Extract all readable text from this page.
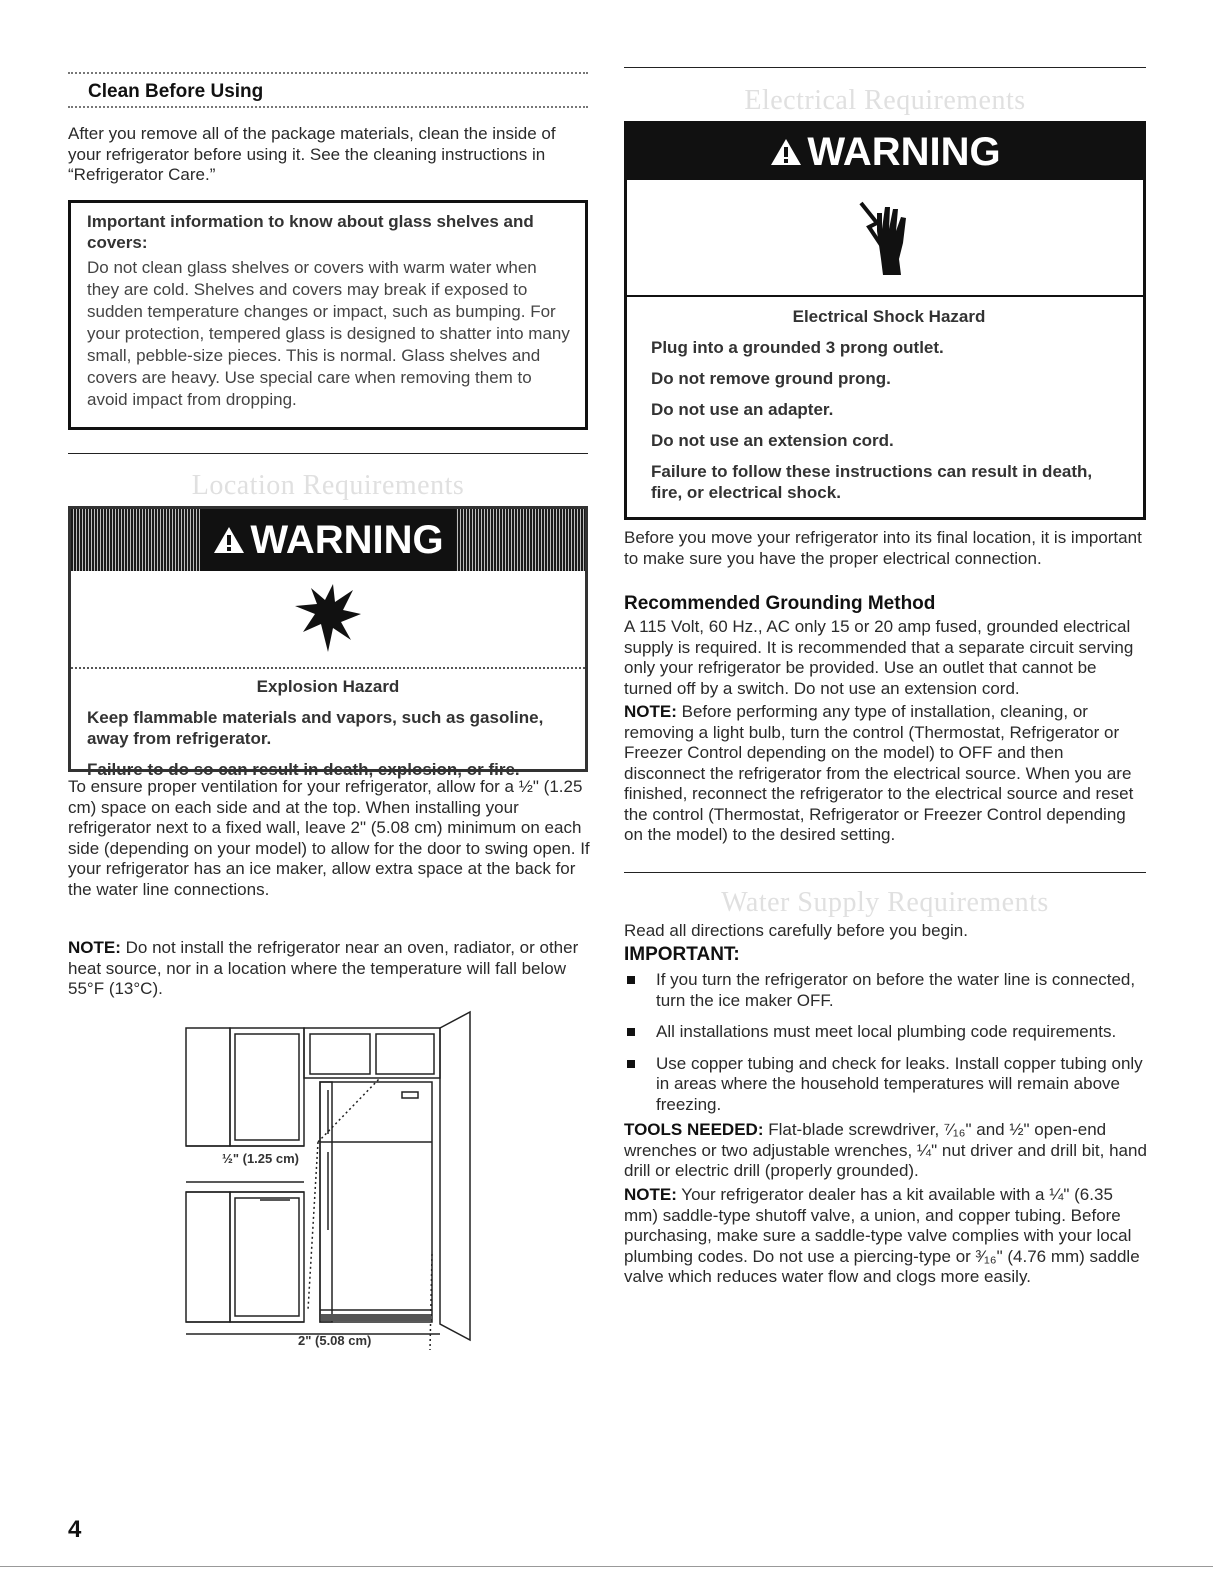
Clean Before Using

After you remove all of the package materials, clean the inside of your refrigerator before using it. See the cleaning instructions in “Refrigerator Care.”

Important information to know about glass shelves and covers:
Do not clean glass shelves or covers with warm water when they are cold. Shelves and covers may break if exposed to sudden temperature changes or impact, such as bumping. For your protection, tempered glass is designed to shatter into many small, pebble-size pieces. This is normal. Glass shelves and covers are heavy. Use special care when removing them to avoid impact from dropping.
Location Requirements
WARNING
Explosion Hazard
Keep flammable materials and vapors, such as gasoline, away from refrigerator.
Failure to do so can result in death, explosion, or fire.

To ensure proper ventilation for your refrigerator, allow for a ½" (1.25 cm) space on each side and at the top. When installing your refrigerator next to a fixed wall, leave 2" (5.08 cm) minimum on each side (depending on your model) to allow for the door to swing open. If your refrigerator has an ice maker, allow extra space at the back for the water line connections.

NOTE: Do not install the refrigerator near an oven, radiator, or other heat source, nor in a location where the temperature will fall below 55°F (13°C).

½" (1.25 cm)
2" (5.08 cm)
Electrical Requirements
WARNING
Electrical Shock Hazard
Plug into a grounded 3 prong outlet.
Do not remove ground prong.
Do not use an adapter.
Do not use an extension cord.
Failure to follow these instructions can result in death, fire, or electrical shock.

Before you move your refrigerator into its final location, it is important to make sure you have the proper electrical connection.

Recommended Grounding Method

A 115 Volt, 60 Hz., AC only 15 or 20 amp fused, grounded electrical supply is required. It is recommended that a separate circuit serving only your refrigerator be provided. Use an outlet that cannot be turned off by a switch. Do not use an extension cord.

NOTE: Before performing any type of installation, cleaning, or removing a light bulb, turn the control (Thermostat, Refrigerator or Freezer Control depending on the model) to OFF and then disconnect the refrigerator from the electrical source. When you are finished, reconnect the refrigerator to the electrical source and reset the control (Thermostat, Refrigerator or Freezer Control depending on the model) to the desired setting.

Water Supply Requirements

Read all directions carefully before you begin.

IMPORTANT:
If you turn the refrigerator on before the water line is connected, turn the ice maker OFF.
All installations must meet local plumbing code requirements.
Use copper tubing and check for leaks. Install copper tubing only in areas where the household temperatures will remain above freezing.

TOOLS NEEDED: Flat-blade screwdriver, ⁷⁄₁₆" and ½" open-end wrenches or two adjustable wrenches, ¼" nut driver and drill bit, hand drill or electric drill (properly grounded).

NOTE: Your refrigerator dealer has a kit available with a ¼" (6.35 mm) saddle-type shutoff valve, a union, and copper tubing. Before purchasing, make sure a saddle-type valve complies with your local plumbing codes. Do not use a piercing-type or ³⁄₁₆" (4.76 mm) saddle valve which reduces water flow and clogs more easily.

4
